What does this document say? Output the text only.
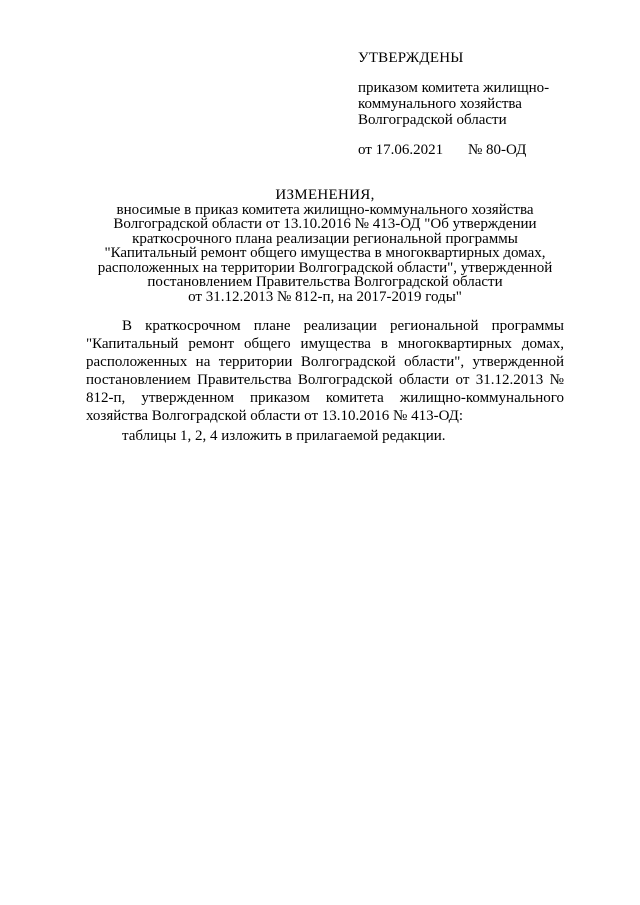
УТВЕРЖДЕНЫ
приказом комитета жилищно-
коммунального хозяйства
Волгоградской области
от 17.06.2021	№ 80-ОД
ИЗМЕНЕНИЯ,
вносимые в приказ комитета жилищно-коммунального хозяйства
Волгоградской области от 13.10.2016 № 413-ОД "Об утверждении
краткосрочного плана реализации региональной программы
"Капитальный ремонт общего имущества в многоквартирных домах,
расположенных на территории Волгоградской области", утвержденной
постановлением Правительства Волгоградской области
от 31.12.2013 № 812-п, на 2017-2019 годы"

В краткосрочном плане реализации региональной программы "Капитальный ремонт общего имущества в многоквартирных домах, расположенных на территории Волгоградской области", утвержденной постановлением Правительства Волгоградской области от 31.12.2013 № 812-п, утвержденном приказом комитета жилищно-коммунального хозяйства Волгоградской области от 13.10.2016 № 413-ОД:

таблицы 1, 2, 4 изложить в прилагаемой редакции.
